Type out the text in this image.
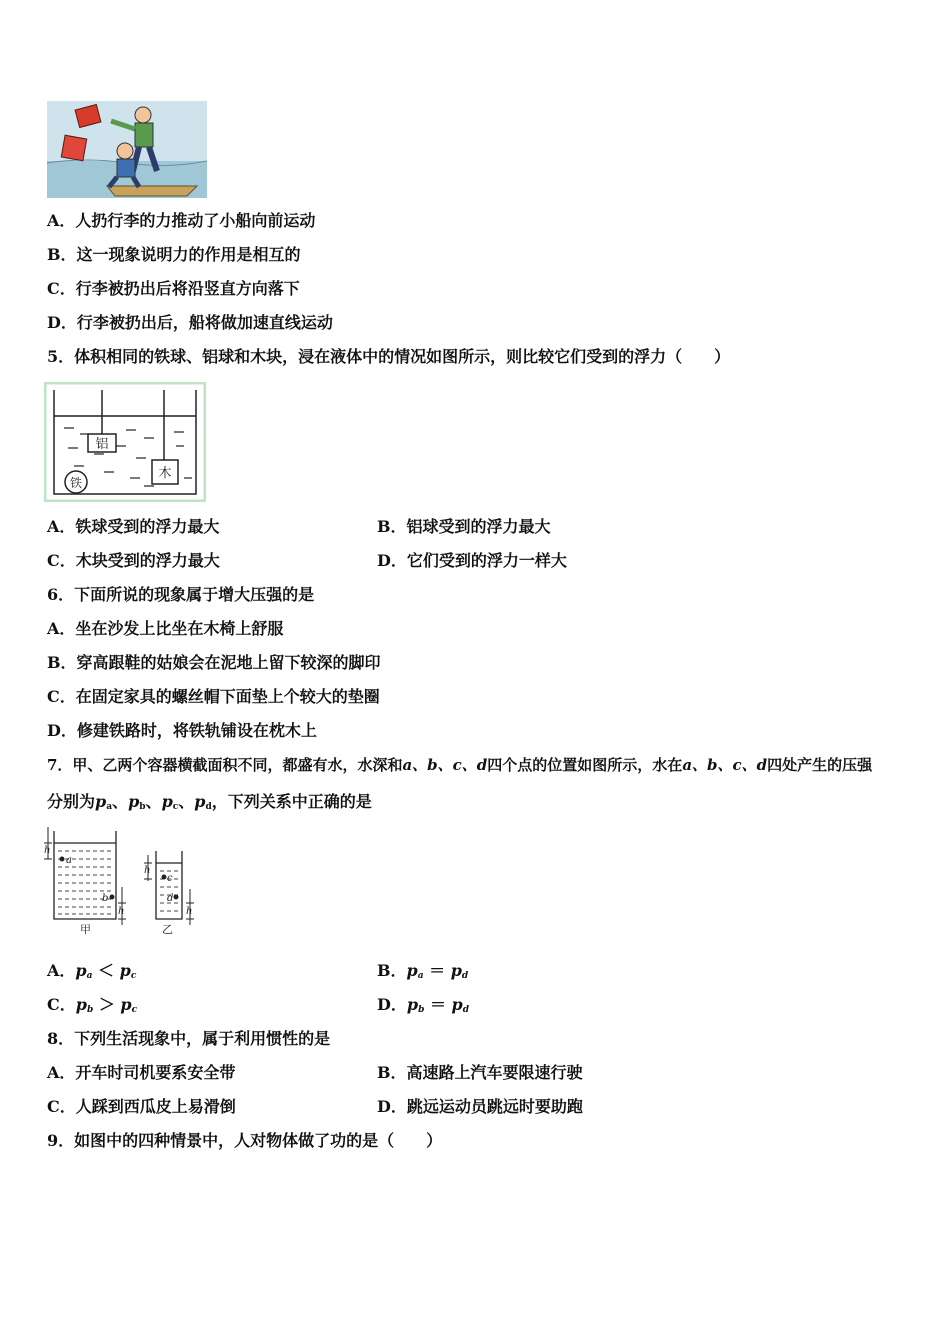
A．人扔行李的力推动了小船向前运动
B．这一现象说明力的作用是相互的
C．行李被扔出后将沿竖直方向落下
D．行李被扔出后，船将做加速直线运动
5．体积相同的铁球、铝球和木块，浸在液体中的情况如图所示，则比较它们受到的浮力（　　）
铝
木
铁
A．铁球受到的浮力最大	B．铝球受到的浮力最大
C．木块受到的浮力最大	D．它们受到的浮力一样大
6．下面所说的现象属于增大压强的是
A．坐在沙发上比坐在木椅上舒服
B．穿高跟鞋的姑娘会在泥地上留下较深的脚印
C．在固定家具的螺丝帽下面垫上个较大的垫圈
D．修建铁路时，将铁轨铺设在枕木上
7．甲、乙两个容器横截面积不同，都盛有水，水深和a、b、c、d四个点的位置如图所示，水在a、b、c、d四处产生的压强
分别为$p_a$、$p_b$、$p_c$、$p_d$，下列关系中正确的是
h
a
b
h
h
c
d
h
甲	乙
A．$p_a < p_c$	B．$p_a = p_d$
C．$p_b > p_c$	D．$p_b = p_d$
8．下列生活现象中，属于利用惯性的是
A．开车时司机要系安全带	B．高速路上汽车要限速行驶
C．人踩到西瓜皮上易滑倒	D．跳远运动员跳远时要助跑
9．如图中的四种情景中，人对物体做了功的是（　　）
